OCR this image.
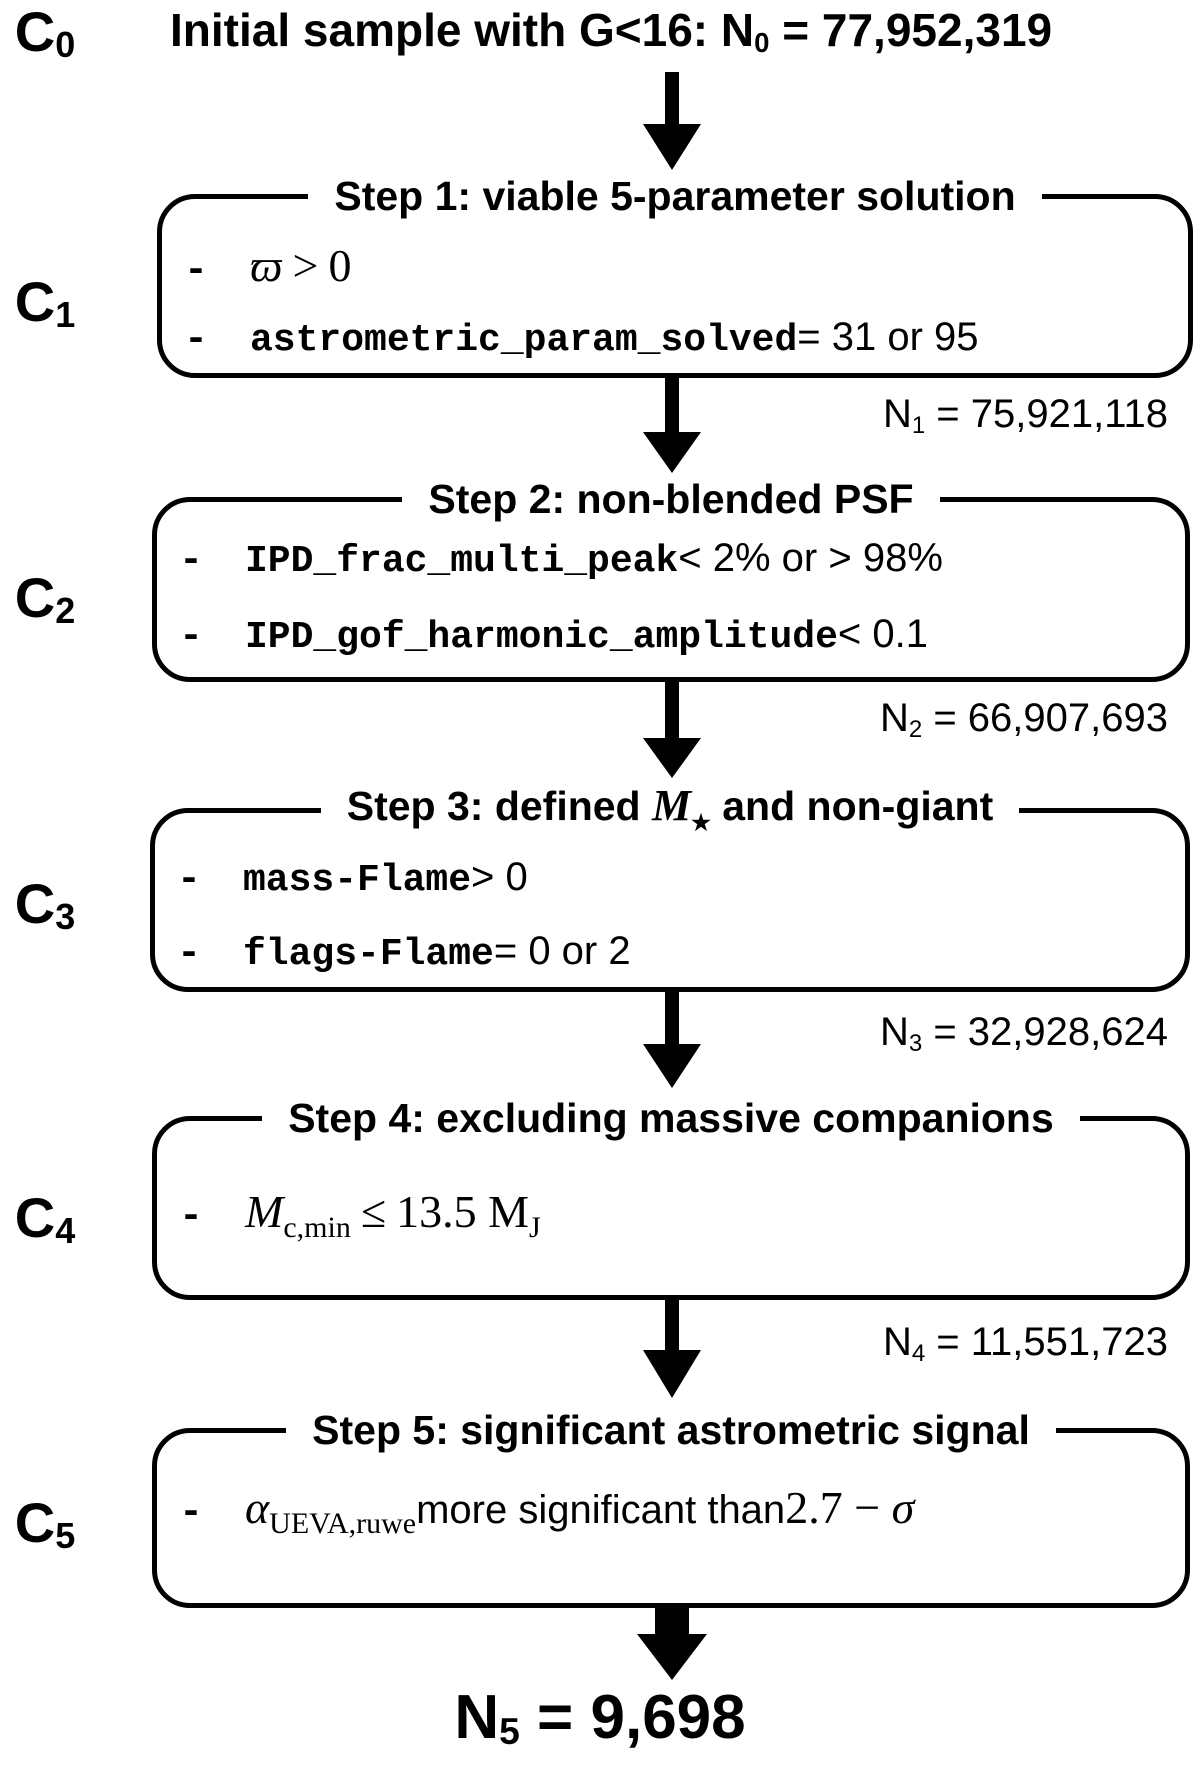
$C_0$
$C_1$
$C_2$
$C_3$
$C_4$
$C_5$
Initial sample with G<16: $N_0 = 77,952,319$
Step 1: viable 5-parameter solution
- ϖ > 0
-	astrometric_param_solved = 31 or 95
$N_1 = 75,921,118$
Step 2: non-blended PSF
-	IPD_frac_multi_peak < 2% or > 98%
-	IPD_gof_harmonic_amplitude < 0.1
$N_2 = 66,907,693$
Step 3: defined $M_★$ and non-giant
-	mass-Flame > 0
-	flags-Flame = 0 or 2
$N_3 = 32,928,624$
Step 4: excluding massive companions
- $M_{c,min} \le 13.5$ $M_J$
$N_4 = 11,551,723$
Step 5: significant astrometric signal
- $\alpha_{UEVA,ruwe}$ more significant than 2.7 − σ
$N_5 = 9,698$
